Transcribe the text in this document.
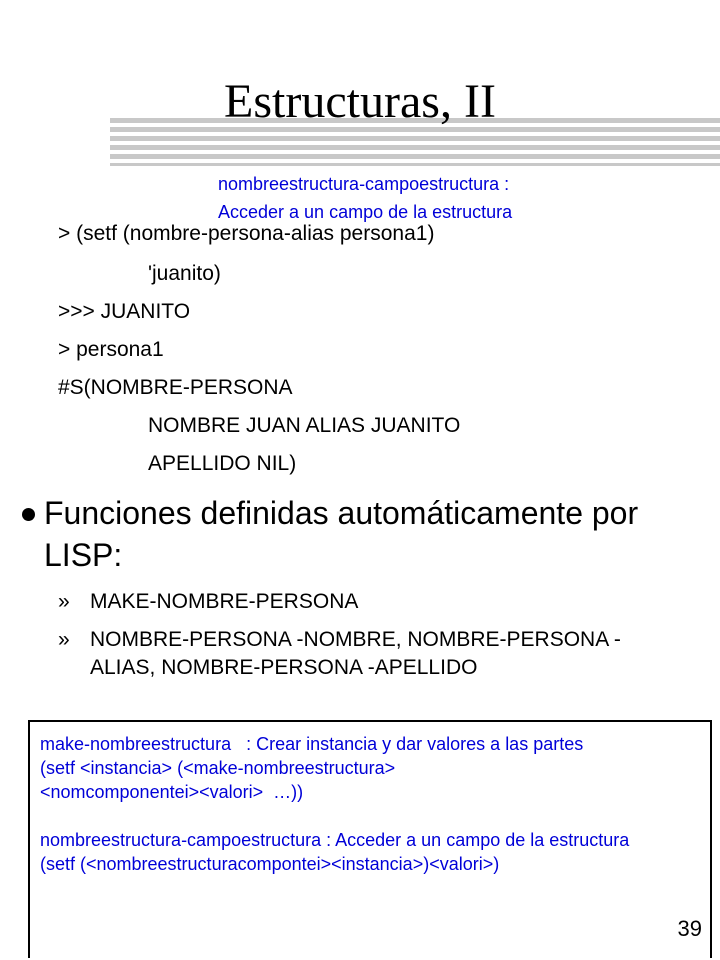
Estructuras, II
nombreestructura-campoestructura :
Acceder a un campo de la estructura
> (setf (nombre-persona-alias persona1)
'juanito)
>>> JUANITO
> persona1
#S(NOMBRE-PERSONA
NOMBRE JUAN ALIAS JUANITO
APELLIDO NIL)
Funciones definidas automáticamente por LISP:
» MAKE-NOMBRE-PERSONA
» NOMBRE-PERSONA -NOMBRE, NOMBRE-PERSONA -ALIAS, NOMBRE-PERSONA -APELLIDO
make-nombreestructura   : Crear instancia y dar valores a las partes
(setf <instancia> (<make-nombreestructura>
<nomcomponentei><valori>  …))

nombreestructura-campoestructura : Acceder a un campo de la estructura
(setf (<nombreestructuracompontei><instancia>)<valori>)
39
